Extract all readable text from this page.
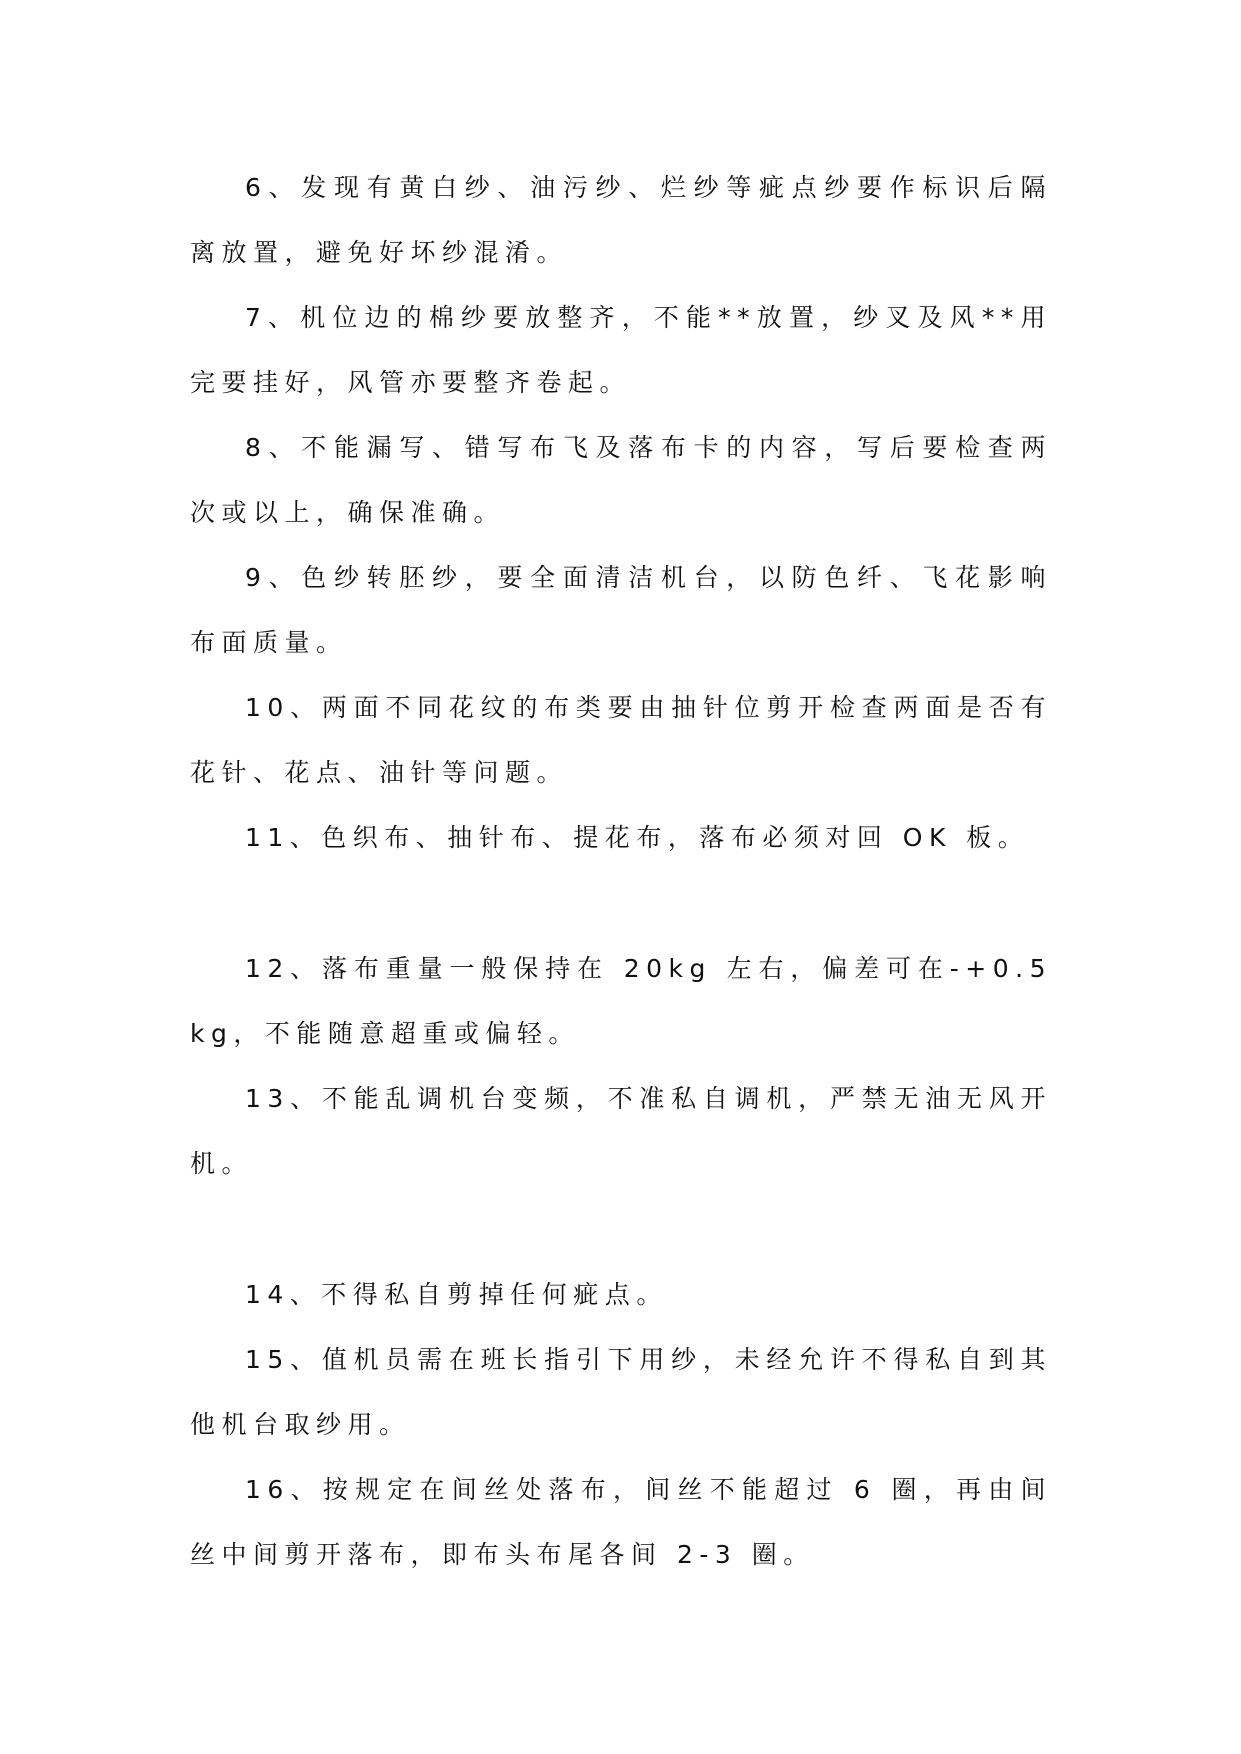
6、发现有黄白纱、油污纱、烂纱等疵点纱要作标识后隔离放置，避免好坏纱混淆。

7、机位边的棉纱要放整齐，不能**放置，纱叉及风**用完要挂好，风管亦要整齐卷起。

8、不能漏写、错写布飞及落布卡的内容，写后要检查两次或以上，确保准确。

9、色纱转胚纱，要全面清洁机台，以防色纤、飞花影响布面质量。

10、两面不同花纹的布类要由抽针位剪开检查两面是否有花针、花点、油针等问题。

11、色织布、抽针布、提花布，落布必须对回 OK 板。

12、落布重量一般保持在 20kg 左右，偏差可在-+0.5kg，不能随意超重或偏轻。

13、不能乱调机台变频，不准私自调机，严禁无油无风开机。

14、不得私自剪掉任何疵点。

15、值机员需在班长指引下用纱，未经允许不得私自到其他机台取纱用。

16、按规定在间丝处落布，间丝不能超过 6 圈，再由间丝中间剪开落布，即布头布尾各间 2-3 圈。
